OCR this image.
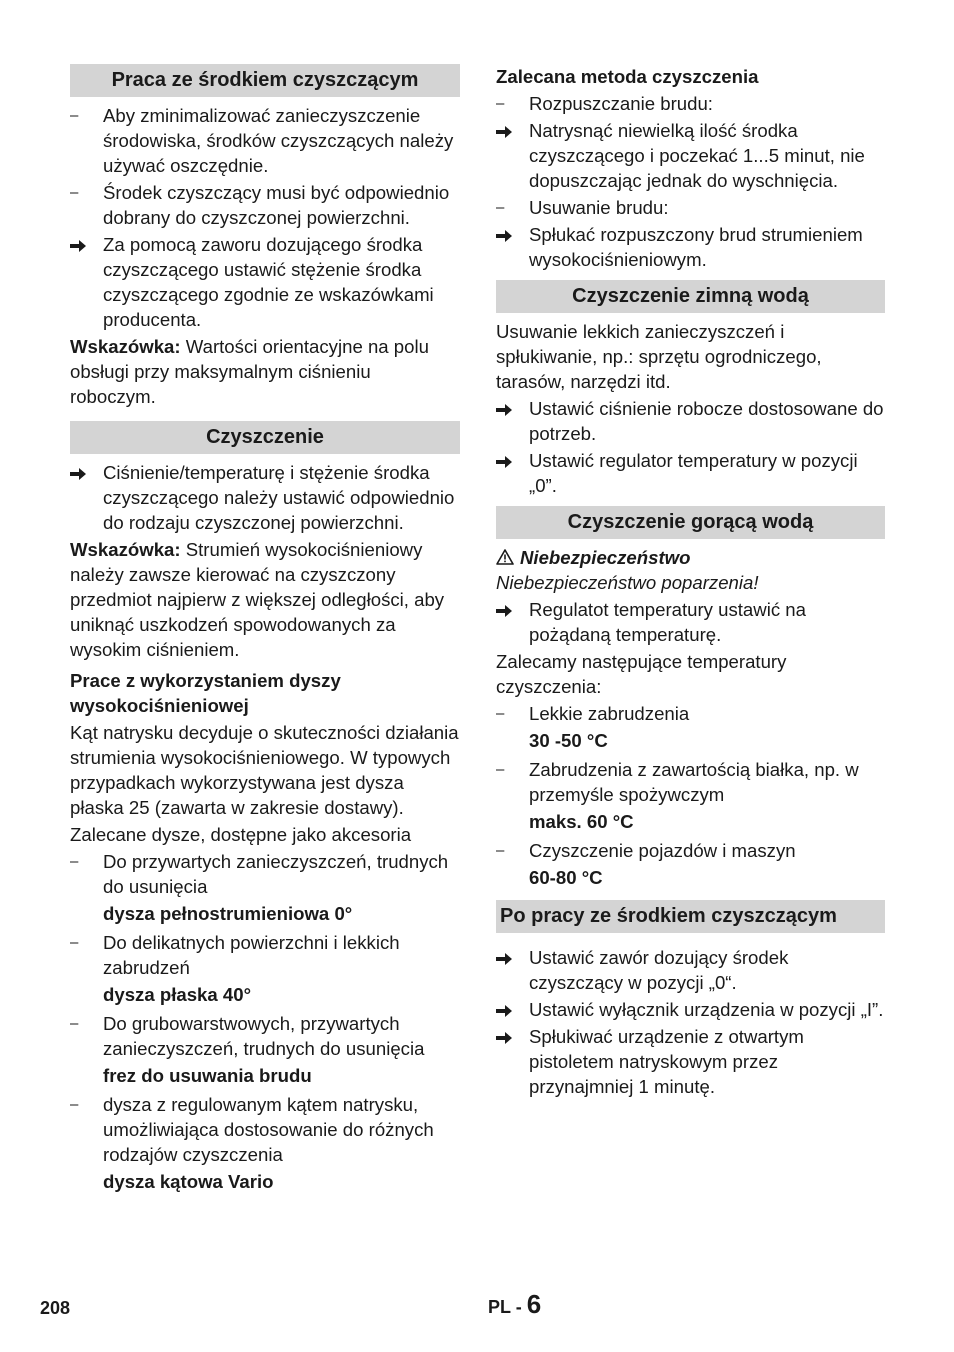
Praca ze środkiem czyszczącym
–	Aby zminimalizować zanieczyszczenie środowiska, środków czyszczących należy używać oszczędnie.
–	Środek czyszczący musi być odpowiednio dobrany do czyszczonej powierzchni.
Za pomocą zaworu dozującego środka czyszczącego ustawić stężenie środka czyszczącego zgodnie ze wskazówkami producenta.
Wskazówka: Wartości orientacyjne na polu obsługi przy maksymalnym ciśnieniu roboczym.
Czyszczenie
Ciśnienie/temperaturę i stężenie środka czyszczącego należy ustawić odpowiednio do rodzaju czyszczonej powierzchni.
Wskazówka: Strumień wysokociśnieniowy należy zawsze kierować na czyszczony przedmiot najpierw z większej odległości, aby uniknąć uszkodzeń spowodowanych za wysokim ciśnieniem.
Prace z wykorzystaniem dyszy wysokociśnieniowej
Kąt natrysku decyduje o skuteczności działania strumienia wysokociśnieniowego. W typowych przypadkach wykorzystywana jest dysza płaska 25 (zawarta w zakresie dostawy).
Zalecane dysze, dostępne jako akcesoria
–	Do przywartych zanieczyszczeń, trudnych do usunięcia
dysza pełnostrumieniowa 0°
–	Do delikatnych powierzchni i lekkich zabrudzeń
dysza płaska 40°
–	Do grubowarstwowych, przywartych zanieczyszczeń, trudnych do usunięcia
frez do usuwania brudu
–	dysza z regulowanym kątem natrysku, umożliwiająca dostosowanie do różnych rodzajów czyszczenia
dysza kątowa Vario
Zalecana metoda czyszczenia
–	Rozpuszczanie brudu:
Natrysnąć niewielką ilość środka czyszczącego i poczekać 1...5 minut, nie dopuszczając jednak do wyschnięcia.
–	Usuwanie brudu:
Spłukać rozpuszczony brud strumieniem wysokociśnieniowym.
Czyszczenie zimną wodą
Usuwanie lekkich zanieczyszczeń i spłukiwanie, np.: sprzętu ogrodniczego, tarasów, narzędzi itd.
Ustawić ciśnienie robocze dostosowane do potrzeb.
Ustawić regulator temperatury w pozycji „0”.
Czyszczenie gorącą wodą
Niebezpieczeństwo
Niebezpieczeństwo poparzenia!
Regulatot temperatury ustawić na pożądaną temperaturę.
Zalecamy następujące temperatury czyszczenia:
–	Lekkie zabrudzenia
30 -50 °C
–	Zabrudzenia z zawartością białka, np. w przemyśle spożywczym
maks. 60 °C
–	Czyszczenie pojazdów i maszyn
60-80 °C
Po pracy ze środkiem czyszczącym
Ustawić zawór dozujący środek czyszczący w pozycji „0“.
Ustawić wyłącznik urządzenia w pozycji „I”.
Spłukiwać urządzenie z otwartym pistoletem natryskowym przez przynajmniej 1 minutę.
208	PL - 6
